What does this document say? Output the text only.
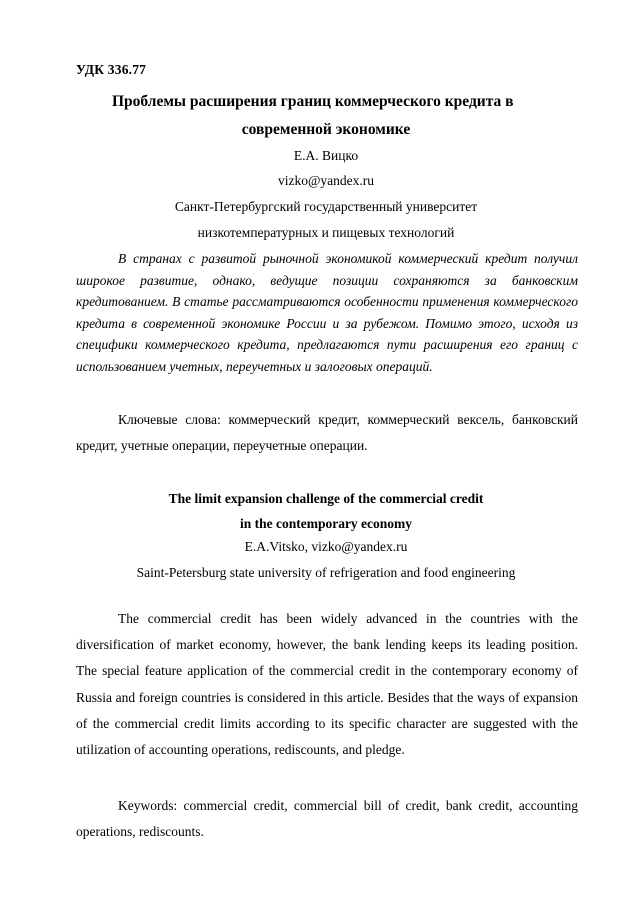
УДК 336.77
Проблемы расширения границ коммерческого кредита в
современной экономике
Е.А. Вицко
vizko@yandex.ru
Санкт-Петербургский государственный университет
низкотемпературных и пищевых технологий

В странах с развитой рыночной экономикой коммерческий кредит получил широкое развитие, однако, ведущие позиции сохраняются за банковским кредитованием. В статье рассматриваются особенности применения коммерческого кредита в современной экономике России и за рубежом. Помимо этого, исходя из специфики коммерческого кредита, предлагаются пути расширения его границ с использованием учетных, переучетных и залоговых операций.

Ключевые слова: коммерческий кредит, коммерческий вексель, банковский кредит, учетные операции, переучетные операции.

The limit expansion challenge of the commercial credit
in the contemporary economy
E.A.Vitsko, vizko@yandex.ru
Saint-Petersburg state university of refrigeration and food engineering

The commercial credit has been widely advanced in the countries with the diversification of market economy, however, the bank lending keeps its leading position. The special feature application of the commercial credit in the contemporary economy of Russia and foreign countries is considered in this article. Besides that the ways of expansion of the commercial credit limits according to its specific character are suggested with the utilization of accounting operations, rediscounts, and pledge.

Keywords: commercial credit, commercial bill of credit, bank credit, accounting operations, rediscounts.
